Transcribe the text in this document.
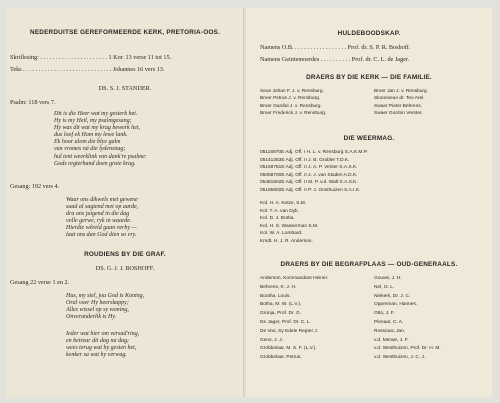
NEDERDUITSE GEREFORMEERDE KERK, PRETORIA-OOS.
Skriflesing: . . . . . . . . . . . . . . . . . . . . . . 1 Kor. 13 verse 11 tot 15.
Teks . . . . . . . . . . . . . . . . . . . . . . . . . . . . . Johannes 16 vers 13.
DS. S. J. STANDER.
Psalm: 118 vers 7.
Dit is die Heer wat my gesterk het.
Hy is my Heil, my psalmgesang;
Hy was dit wat my krag bewerk het,
dus loof ek Hom my lewe lank.
Ek hoor alom die blye galm
van vromes ná die lydensnag;
hul tent weerklink van dank're psalme:
Gods regterhand doen grote krag.
Gesang: 192 vers 4.
Waar ons dikwels met gewene
saad al sagtend met op aarde,
dra ons juigend in die dag
volle gerwe, ryk in waarde.
Hierdie wêreld gaan verby —
laat ons dan God dien so vry.
ROUDIENS BY DIE GRAF.
DS. G. J. J. BOSHOFF.
Gesang 22 verse 1 en 2.
Hus, my siel, jou God is Koning,
Oral voer Hy heerskappy;
Alles wissel op sy woning,
Onveranderlik is Hy.
Ieder wat hier om versad'ring,
en betreur dit dag na dag;
wees terug wat hy gesien het,
kenker sa wat hy verwag.
HULDEBOODSKAP.
Namens O.B. . . . . . . . . . . . . . . . . . Prof. dr. S. P. R. Boshoff.
Namens Geintemoerdes . . . . . . . . . . Prof. dr. C. L. de Jager.
DRAERS BY DIE KERK — DIE FAMILIE.
Seun Johan F. J. v. Rensburg.
Broer Petrus J. v. Rensburg.
Broer Gardiol J. v. Rensburg.
Broer Frederick J. v. Rensburg.
Broer Jan J. v. Rensburg.
Skoonseun dr. Teo Arel.
Swaer Pieter Behrens.
Swaer Gordon Verster.
DIE WEERMAG.
05116970E Adj. Off. I H. L. v. Rensburg S.A.K.M.P.
05141363E Adj. Off. II J. B. Grobler T.D.K.
05159781E Adj. Off. II J. A. P. Venter S.A.S.K.
05058700E Adj. Off. II J. J. van Staden A.D.K.
05481502E Adj. Off. II M. P. v.d. Walt S.A.S.K.
05185802E Adj. Off. II P. J. Oosthuizen S.A.I.K.
Kol. H. A. Kotze, S.M.
Kol. T. A. van Dyk.
Kol. D. J. Botha.
Kol. H. S. Wasserman S.M.
Kol. W. A. Lombard.
Kmdt. H. J. R. Anderson.
DRAERS BY DIE BEGRAFPLAAS — OUD-GENERAALS.
Anderson, Kommandant Heiner.
Behrens, K. J. H.
Bootha, Louis.
Botha, M. W. (L.V.).
Gronja, Prof. Dr. G.
De Jager, Prof. Dr. C. L.
De Vos, Sy Edele Regter J.
Gens, J. J.
Grobbelaar, M. S. F. (L.V.).
Grobbelaar, Petrus.
Gouws, J. H.
Nel, O. L.
Niekerk, Dr. J. C.
Opperman, Hannes.
Otto, J. F.
Pienaar, C. A.
Rossouw, Jan.
v.d. Merwe, J. F.
v.d. Westhuizen, Prof. Dr. H. M.
v.d. Westhuizen, J. C. J.
